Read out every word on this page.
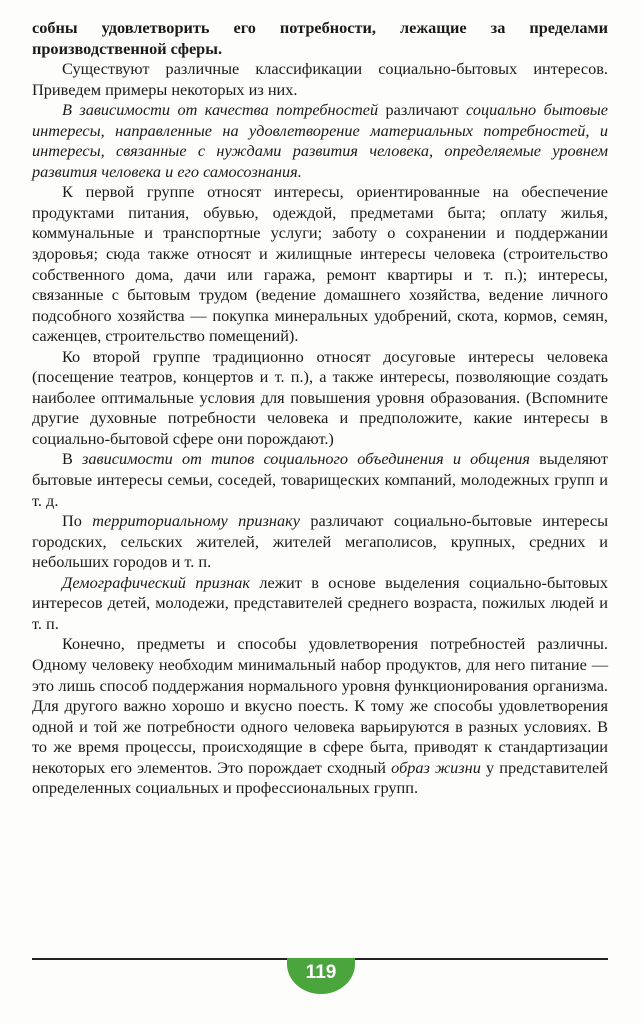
собны удовлетворить его потребности, лежащие за пределами производственной сферы.

Существуют различные классификации социально-бытовых интересов. Приведем примеры некоторых из них.

В зависимости от качества потребностей различают социально бытовые интересы, направленные на удовлетворение материальных потребностей, и интересы, связанные с нуждами развития человека, определяемые уровнем развития человека и его самосознания.

К первой группе относят интересы, ориентированные на обеспечение продуктами питания, обувью, одеждой, предметами быта; оплату жилья, коммунальные и транспортные услуги; заботу о сохранении и поддержании здоровья; сюда также относят и жилищные интересы человека (строительство собственного дома, дачи или гаража, ремонт квартиры и т. п.); интересы, связанные с бытовым трудом (ведение домашнего хозяйства, ведение личного подсобного хозяйства — покупка минеральных удобрений, скота, кормов, семян, саженцев, строительство помещений).

Ко второй группе традиционно относят досуговые интересы человека (посещение театров, концертов и т. п.), а также интересы, позволяющие создать наиболее оптимальные условия для повышения уровня образования. (Вспомните другие духовные потребности человека и предположите, какие интересы в социально-бытовой сфере они порождают.)

В зависимости от типов социального объединения и общения выделяют бытовые интересы семьи, соседей, товарищеских компаний, молодежных групп и т. д.

По территориальному признаку различают социально-бытовые интересы городских, сельских жителей, жителей мегаполисов, крупных, средних и небольших городов и т. п.

Демографический признак лежит в основе выделения социально-бытовых интересов детей, молодежи, представителей среднего возраста, пожилых людей и т. п.

Конечно, предметы и способы удовлетворения потребностей различны. Одному человеку необходим минимальный набор продуктов, для него питание — это лишь способ поддержания нормального уровня функционирования организма. Для другого важно хорошо и вкусно поесть. К тому же способы удовлетворения одной и той же потребности одного человека варьируются в разных условиях. В то же время процессы, происходящие в сфере быта, приводят к стандартизации некоторых его элементов. Это порождает сходный образ жизни у представителей определенных социальных и профессиональных групп.

119
